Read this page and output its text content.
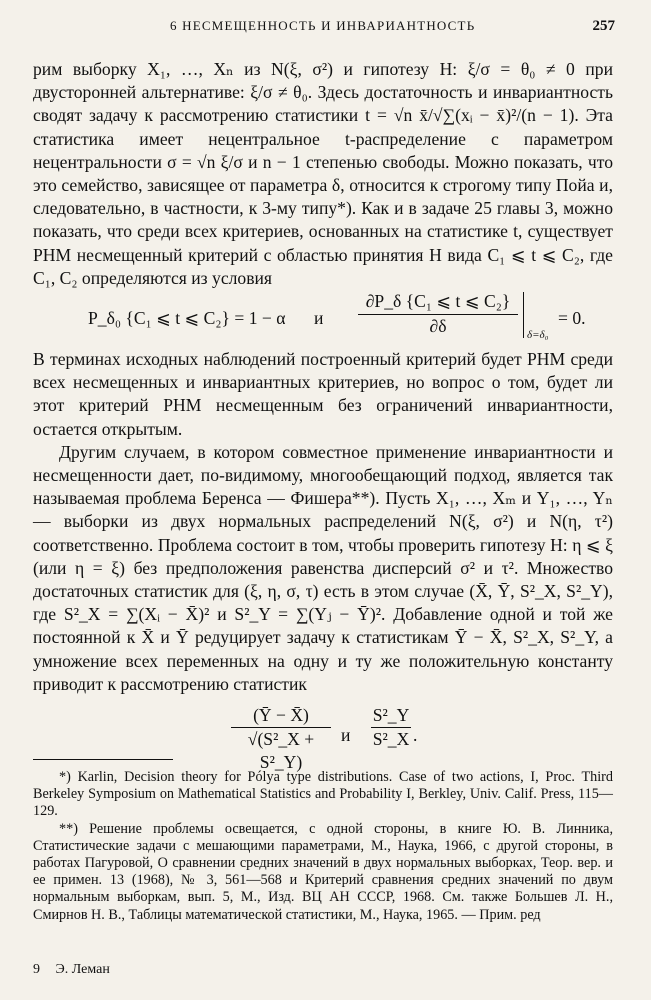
6 НЕСМЕЩЕННОСТЬ И ИНВАРИАНТНОСТЬ	257

рим выборку X₁, …, Xₙ из N(ξ, σ²) и гипотезу H: ξ/σ = θ₀ ≠ 0 при двусторонней альтернативе: ξ/σ ≠ θ₀. Здесь достаточность и инвариантность сводят задачу к рассмотрению статистики t = √n x̄/√∑(xᵢ − x̄)²/(n − 1). Эта статистика имеет нецентральное t-распределение с параметром нецентральности σ = √n ξ/σ и n − 1 степенью свободы. Можно показать, что это семейство, зависящее от параметра δ, относится к строгому типу Пойа и, следовательно, в частности, к 3-му типу*). Как и в задаче 25 главы 3, можно показать, что среди всех критериев, основанных на статистике t, существует РНМ несмещенный критерий с областью принятия H вида C₁ ⩽ t ⩽ C₂, где C₁, C₂ определяются из условия

P_δ₀ {C₁ ⩽ t ⩽ C₂} = 1 − α и $\frac{\text{∂P\_δ \{C₁ ⩽ t ⩽ C₂\}}}{\partial\delta} \delta=\delta_0$
= 0.

В терминах исходных наблюдений построенный критерий будет РНМ среди всех несмещенных и инвариантных критериев, но вопрос о том, будет ли этот критерий РНМ несмещенным без ограничений инвариантности, остается открытым.

Другим случаем, в котором совместное применение инвариантности и несмещенности дает, по-видимому, многообещающий подход, является так называемая проблема Беренса — Фишера**). Пусть X₁, …, Xₘ и Y₁, …, Yₙ — выборки из двух нормальных распределений N(ξ, σ²) и N(η, τ²) соответственно. Проблема состоит в том, чтобы проверить гипотезу H: η ⩽ ξ (или η = ξ) без предположения равенства дисперсий σ² и τ². Множество достаточных статистик для (ξ, η, σ, τ) есть в этом случае (X̄, Ȳ, S²_X, S²_Y), где S²_X = ∑(Xᵢ − X̄)² и S²_Y = ∑(Yⱼ − Ȳ)². Добавление одной и той же постоянной к X̄ и Ȳ редуцирует задачу к статистикам Ȳ − X̄, S²_X, S²_Y, а умножение всех переменных на одну и ту же положительную константу приводит к рассмотрению статистик

$\frac{(Ȳ - X̄)}{\text{√(S²\_X + S²\_Y)}}$ и $\frac{\text{S²\_Y}}{\text{S²\_X}}$ .

*) Karlin, Decision theory for Pólya type distributions. Case of two actions, I, Proc. Third Berkeley Symposium on Mathematical Statistics and Probability I, Berkley, Univ. Calif. Press, 115—129.

**) Решение проблемы освещается, с одной стороны, в книге Ю. В. Линника, Статистические задачи с мешающими параметрами, М., Наука, 1966, с другой стороны, в работах Пагуровой, О сравнении средних значений в двух нормальных выборках, Теор. вер. и ее примен. 13 (1968), № 3, 561—568 и Критерий сравнения средних значений по двум нормальным выборкам, вып. 5, М., Изд. ВЦ АН СССР, 1968. См. также Большев Л. Н., Смирнов Н. В., Таблицы математической статистики, М., Наука, 1965. — Прим. ред

9 Э. Леман
